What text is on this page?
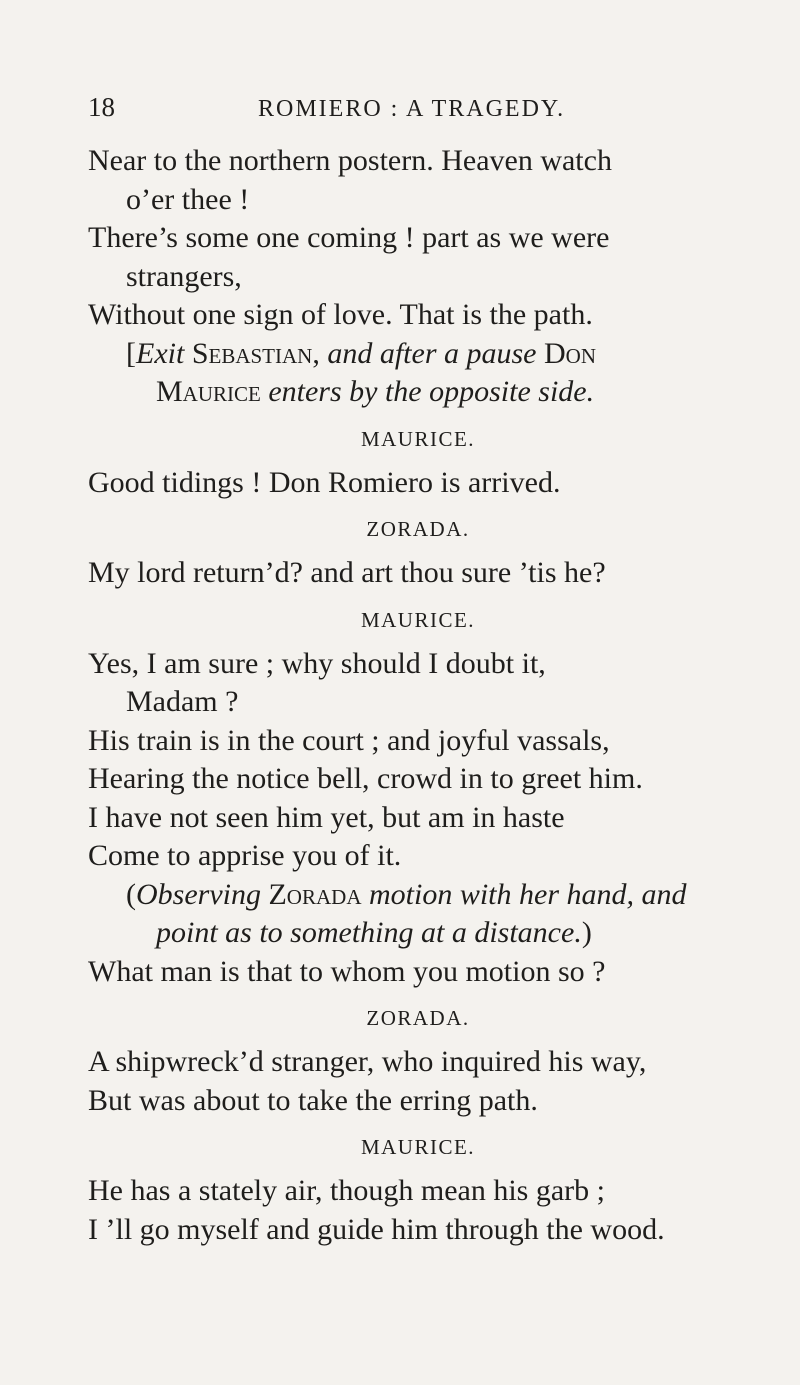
18	ROMIERO : A TRAGEDY.
Near to the northern postern. Heaven watch
o’er thee !
There’s some one coming ! part as we were
strangers,
Without one sign of love. That is the path.
[Exit Sebastian, and after a pause Don
Maurice enters by the opposite side.
MAURICE.
Good tidings ! Don Romiero is arrived.
ZORADA.
My lord return’d? and art thou sure ’tis he?
MAURICE.
Yes, I am sure ; why should I doubt it,
Madam ?
His train is in the court ; and joyful vassals,
Hearing the notice bell, crowd in to greet him.
I have not seen him yet, but am in haste
Come to apprise you of it.
(Observing Zorada motion with her hand, and
point as to something at a distance.)
What man is that to whom you motion so ?
ZORADA.
A shipwreck’d stranger, who inquired his way,
But was about to take the erring path.
MAURICE.
He has a stately air, though mean his garb ;
I ’ll go myself and guide him through the wood.
